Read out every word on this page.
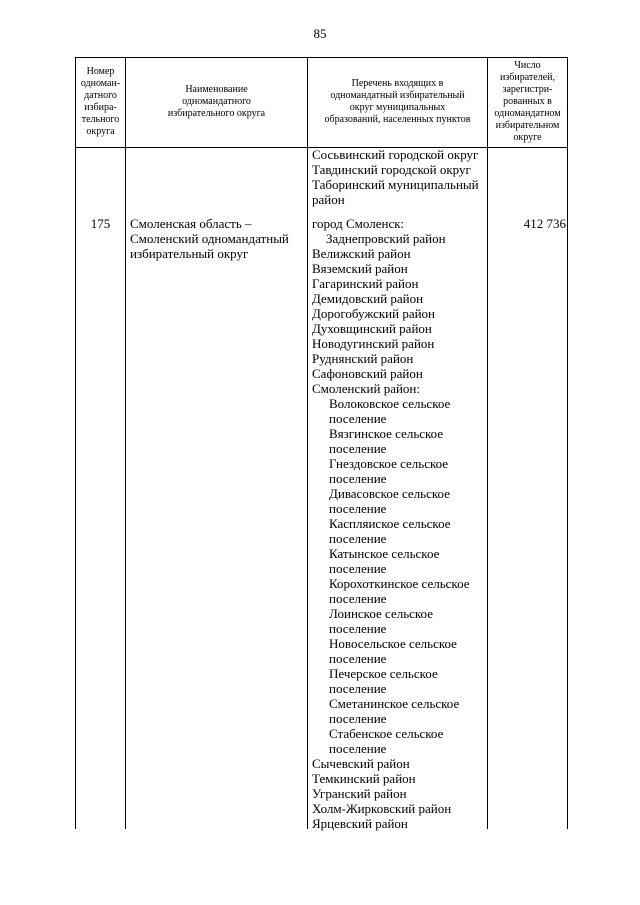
85
Номер
одноман-
датного
избира-
тельного
округа
Наименование
одномандатного
избирательного округа
Перечень входящих в
одномандатный избирательный
округ муниципальных
образований, населенных пунктов
Число
избирателей,
зарегистри-
рованных в
одномандатном
избирательном
округе
Сосьвинский городской округ
Тавдинский городской округ
Таборинский муниципальный
район
175	Смоленская область –
Смоленский одномандатный
избирательный округ
город Смоленск:
Заднепровский район
Велижский район
Вяземский район
Гагаринский район
Демидовский район
Дорогобужский район
Духовщинский район
Новодугинский район
Руднянский район
Сафоновский район
Смоленский район:
Волоковское сельское
поселение
Вязгинское сельское
поселение
Гнездовское сельское
поселение
Дивасовское сельское
поселение
Каспляиское сельское
поселение
Катынское сельское
поселение
Корохоткинское сельское
поселение
Лоинское сельское
поселение
Новосельское сельское
поселение
Печерское сельское
поселение
Сметанинское сельское
поселение
Стабенское сельское
поселение
Сычевский район
Темкинский район
Угранский район
Холм-Жирковский район
Ярцевский район
412 736
